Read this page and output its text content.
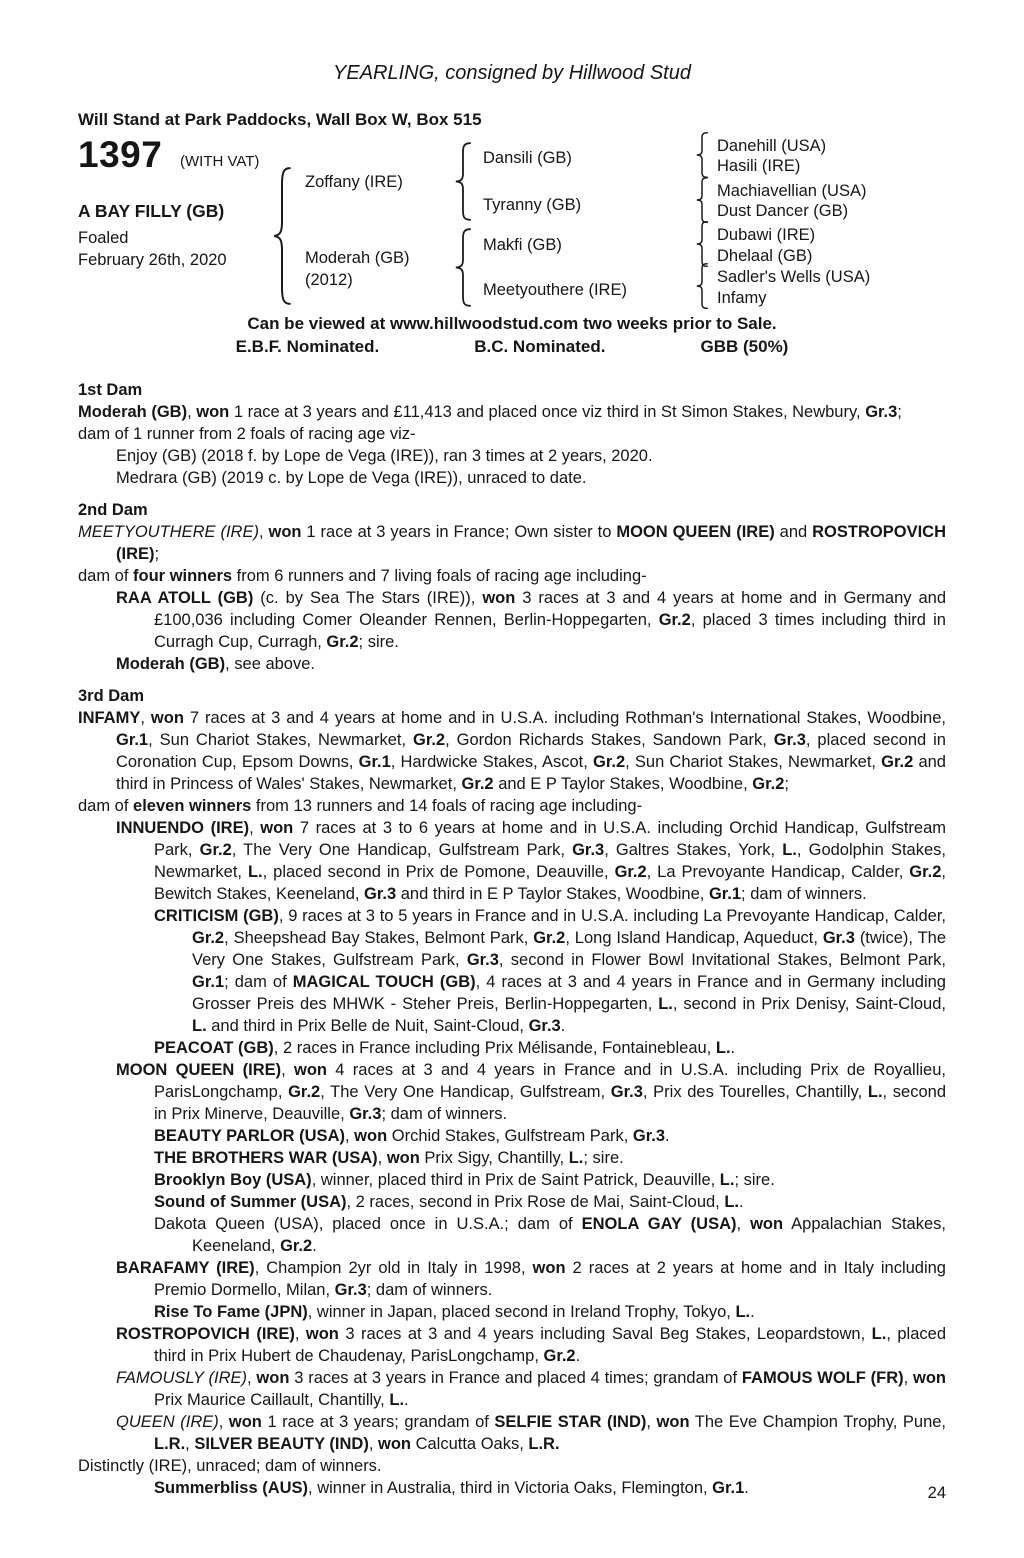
YEARLING, consigned by Hillwood Stud
Will Stand at Park Paddocks, Wall Box W, Box 515
1397 (WITH VAT)
A BAY FILLY (GB)
Foaled
February 26th, 2020
Zoffany (IRE)
Moderah (GB)
(2012)
Dansili (GB)
Tyranny (GB)
Makfi (GB)
Meetyouthere (IRE)
Danehill (USA)
Hasili (IRE)
Machiavellian (USA)
Dust Dancer (GB)
Dubawi (IRE)
Dhelaal (GB)
Sadler's Wells (USA)
Infamy
Can be viewed at www.hillwoodstud.com two weeks prior to Sale.
E.B.F. Nominated.	B.C. Nominated.	GBB (50%)
1st Dam

Moderah (GB), won 1 race at 3 years and £11,413 and placed once viz third in St Simon Stakes, Newbury, Gr.3;

dam of 1 runner from 2 foals of racing age viz-

Enjoy (GB) (2018 f. by Lope de Vega (IRE)), ran 3 times at 2 years, 2020.

Medrara (GB) (2019 c. by Lope de Vega (IRE)), unraced to date.

2nd Dam

MEETYOUTHERE (IRE), won 1 race at 3 years in France; Own sister to MOON QUEEN (IRE) and ROSTROPOVICH (IRE);

dam of four winners from 6 runners and 7 living foals of racing age including-

RAA ATOLL (GB) (c. by Sea The Stars (IRE)), won 3 races at 3 and 4 years at home and in Germany and £100,036 including Comer Oleander Rennen, Berlin-Hoppegarten, Gr.2, placed 3 times including third in Curragh Cup, Curragh, Gr.2; sire.

Moderah (GB), see above.

3rd Dam

INFAMY, won 7 races at 3 and 4 years at home and in U.S.A. including Rothman's International Stakes, Woodbine, Gr.1, Sun Chariot Stakes, Newmarket, Gr.2, Gordon Richards Stakes, Sandown Park, Gr.3, placed second in Coronation Cup, Epsom Downs, Gr.1, Hardwicke Stakes, Ascot, Gr.2, Sun Chariot Stakes, Newmarket, Gr.2 and third in Princess of Wales' Stakes, Newmarket, Gr.2 and E P Taylor Stakes, Woodbine, Gr.2;

dam of eleven winners from 13 runners and 14 foals of racing age including-

INNUENDO (IRE), won 7 races at 3 to 6 years at home and in U.S.A. including Orchid Handicap, Gulfstream Park, Gr.2, The Very One Handicap, Gulfstream Park, Gr.3, Galtres Stakes, York, L., Godolphin Stakes, Newmarket, L., placed second in Prix de Pomone, Deauville, Gr.2, La Prevoyante Handicap, Calder, Gr.2, Bewitch Stakes, Keeneland, Gr.3 and third in E P Taylor Stakes, Woodbine, Gr.1; dam of winners.

CRITICISM (GB), 9 races at 3 to 5 years in France and in U.S.A. including La Prevoyante Handicap, Calder, Gr.2, Sheepshead Bay Stakes, Belmont Park, Gr.2, Long Island Handicap, Aqueduct, Gr.3 (twice), The Very One Stakes, Gulfstream Park, Gr.3, second in Flower Bowl Invitational Stakes, Belmont Park, Gr.1; dam of MAGICAL TOUCH (GB), 4 races at 3 and 4 years in France and in Germany including Grosser Preis des MHWK - Steher Preis, Berlin-Hoppegarten, L., second in Prix Denisy, Saint-Cloud, L. and third in Prix Belle de Nuit, Saint-Cloud, Gr.3.

PEACOAT (GB), 2 races in France including Prix Mélisande, Fontainebleau, L..

MOON QUEEN (IRE), won 4 races at 3 and 4 years in France and in U.S.A. including Prix de Royallieu, ParisLongchamp, Gr.2, The Very One Handicap, Gulfstream, Gr.3, Prix des Tourelles, Chantilly, L., second in Prix Minerve, Deauville, Gr.3; dam of winners.

BEAUTY PARLOR (USA), won Orchid Stakes, Gulfstream Park, Gr.3.

THE BROTHERS WAR (USA), won Prix Sigy, Chantilly, L.; sire.

Brooklyn Boy (USA), winner, placed third in Prix de Saint Patrick, Deauville, L.; sire.

Sound of Summer (USA), 2 races, second in Prix Rose de Mai, Saint-Cloud, L..

Dakota Queen (USA), placed once in U.S.A.; dam of ENOLA GAY (USA), won Appalachian Stakes, Keeneland, Gr.2.

BARAFAMY (IRE), Champion 2yr old in Italy in 1998, won 2 races at 2 years at home and in Italy including Premio Dormello, Milan, Gr.3; dam of winners.

Rise To Fame (JPN), winner in Japan, placed second in Ireland Trophy, Tokyo, L..

ROSTROPOVICH (IRE), won 3 races at 3 and 4 years including Saval Beg Stakes, Leopardstown, L., placed third in Prix Hubert de Chaudenay, ParisLongchamp, Gr.2.

FAMOUSLY (IRE), won 3 races at 3 years in France and placed 4 times; grandam of FAMOUS WOLF (FR), won Prix Maurice Caillault, Chantilly, L..

QUEEN (IRE), won 1 race at 3 years; grandam of SELFIE STAR (IND), won The Eve Champion Trophy, Pune, L.R., SILVER BEAUTY (IND), won Calcutta Oaks, L.R.

Distinctly (IRE), unraced; dam of winners.

Summerbliss (AUS), winner in Australia, third in Victoria Oaks, Flemington, Gr.1.	24
